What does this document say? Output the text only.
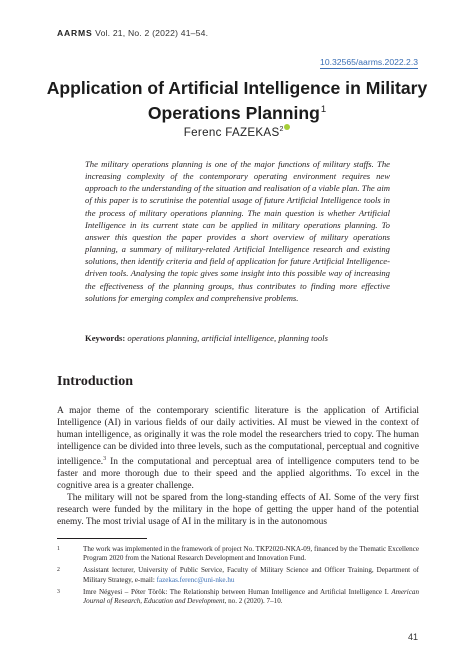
AARMS Vol. 21, No. 2 (2022) 41–54.
10.32565/aarms.2022.2.3
Application of Artificial Intelligence in Military Operations Planning$^1$
Ferenc FAZEKAS$^2$

The military operations planning is one of the major functions of military staffs. The increasing complexity of the contemporary operating environment requires new approach to the understanding of the situation and realisation of a viable plan. The aim of this paper is to scrutinise the potential usage of future Artificial Intelligence tools in the process of military operations planning. The main question is whether Artificial Intelligence in its current state can be applied in military operations planning. To answer this question the paper provides a short overview of military operations planning, a summary of military-related Artificial Intelligence research and existing solutions, then identify criteria and field of application for future Artificial Intelligence-driven tools. Analysing the topic gives some insight into this possible way of increasing the effectiveness of the planning groups, thus contributes to finding more effective solutions for emerging complex and comprehensive problems.

Keywords: operations planning, artificial intelligence, planning tools
Introduction

A major theme of the contemporary scientific literature is the application of Artificial Intelligence (AI) in various fields of our daily activities. AI must be viewed in the context of human intelligence, as originally it was the role model the researchers tried to copy. The human intelligence can be divided into three levels, such as the computational, perceptual and cognitive intelligence.$^3$ In the computational and perceptual area of intelligence computers tend to be faster and more thorough due to their speed and the applied algorithms. To excel in the cognitive area is a greater challenge.

The military will not be spared from the long-standing effects of AI. Some of the very first research were funded by the military in the hope of getting the upper hand of the potential enemy. The most trivial usage of AI in the military is in the autonomous

1	The work was implemented in the framework of project No. TKP2020-NKA-09, financed by the Thematic Excellence Program 2020 from the National Research Development and Innovation Fund.
2	Assistant lecturer, University of Public Service, Faculty of Military Science and Officer Training, Department of Military Strategy, e-mail: fazekas.ferenc@uni-nke.hu
3	Imre Négyesi – Péter Török: The Relationship between Human Intelligence and Artificial Intelligence I. American Journal of Research, Education and Development, no. 2 (2020). 7–10.
41
